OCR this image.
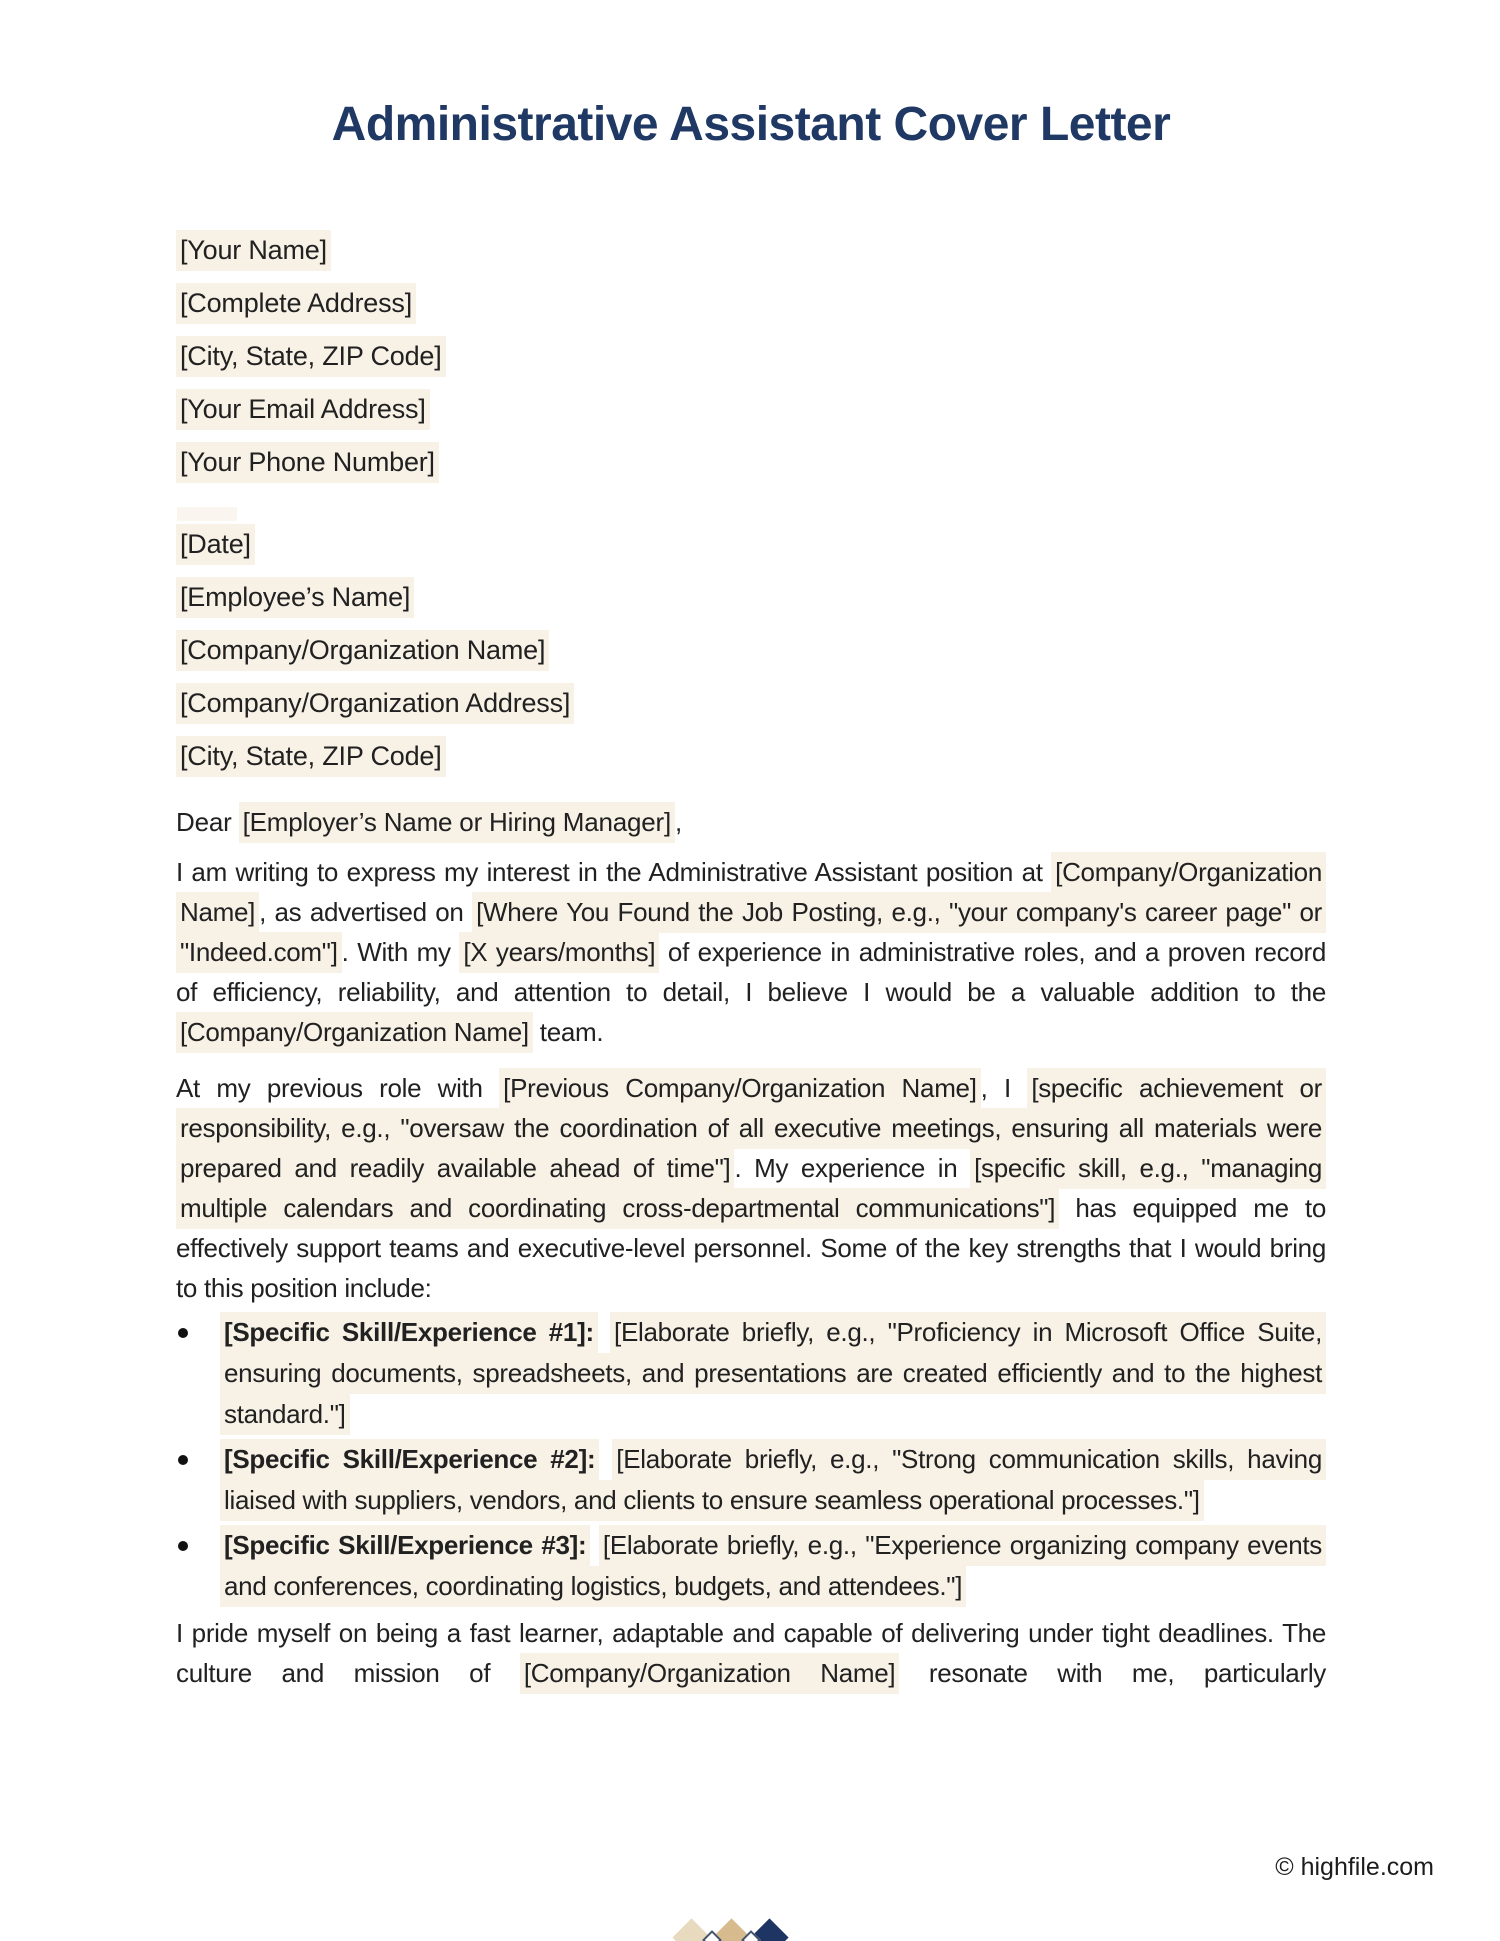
Administrative Assistant Cover Letter
[Your Name]
[Complete Address]
[City, State, ZIP Code]
[Your Email Address]
[Your Phone Number]
[Date]
[Employee’s Name]
[Company/Organization Name]
[Company/Organization Address]
[City, State, ZIP Code]

Dear [Employer’s Name or Hiring Manager] ,

I am writing to express my interest in the Administrative Assistant position at [Company/Organization Name] , as advertised on [Where You Found the Job Posting, e.g., "your company's career page" or "Indeed.com"] . With my [X years/months] of experience in administrative roles, and a proven record of efficiency, reliability, and attention to detail, I believe I would be a valuable addition to the [Company/Organization Name] team.

At my previous role with [Previous Company/Organization Name] , I [specific achievement or responsibility, e.g., "oversaw the coordination of all executive meetings, ensuring all materials were prepared and readily available ahead of time"] . My experience in [specific skill, e.g., "managing multiple calendars and coordinating cross-departmental communications"] has equipped me to effectively support teams and executive-level personnel. Some of the key strengths that I would bring to this position include:

[Specific Skill/Experience #1]: [Elaborate briefly, e.g., "Proficiency in Microsoft Office Suite, ensuring documents, spreadsheets, and presentations are created efficiently and to the highest standard."]
[Specific Skill/Experience #2]: [Elaborate briefly, e.g., "Strong communication skills, having liaised with suppliers, vendors, and clients to ensure seamless operational processes."]
[Specific Skill/Experience #3]: [Elaborate briefly, e.g., "Experience organizing company events and conferences, coordinating logistics, budgets, and attendees."]

I pride myself on being a fast learner, adaptable and capable of delivering under tight deadlines. The culture and mission of [Company/Organization Name] resonate with me, particularly

© highfile.com
